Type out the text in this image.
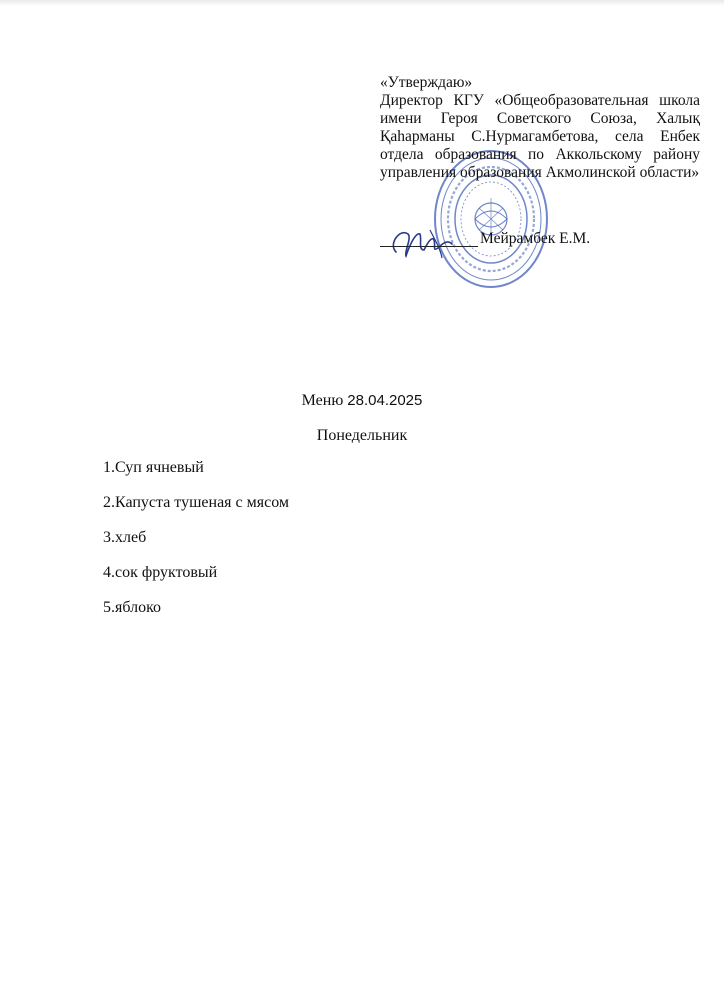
«Утверждаю»
Директор КГУ «Общеобразовательная школа имени Героя Советского Союза, Халық Қаһарманы С.Нурмагамбетова, села Енбек отдела образования по Аккольскому району управления образования Акмолинской области»
Мейрамбек Е.М.
Меню 28.04.2025
Понедельник
1.Суп ячневый
2.Капуста тушеная с мясом
3.хлеб
4.сок фруктовый
5.яблоко
